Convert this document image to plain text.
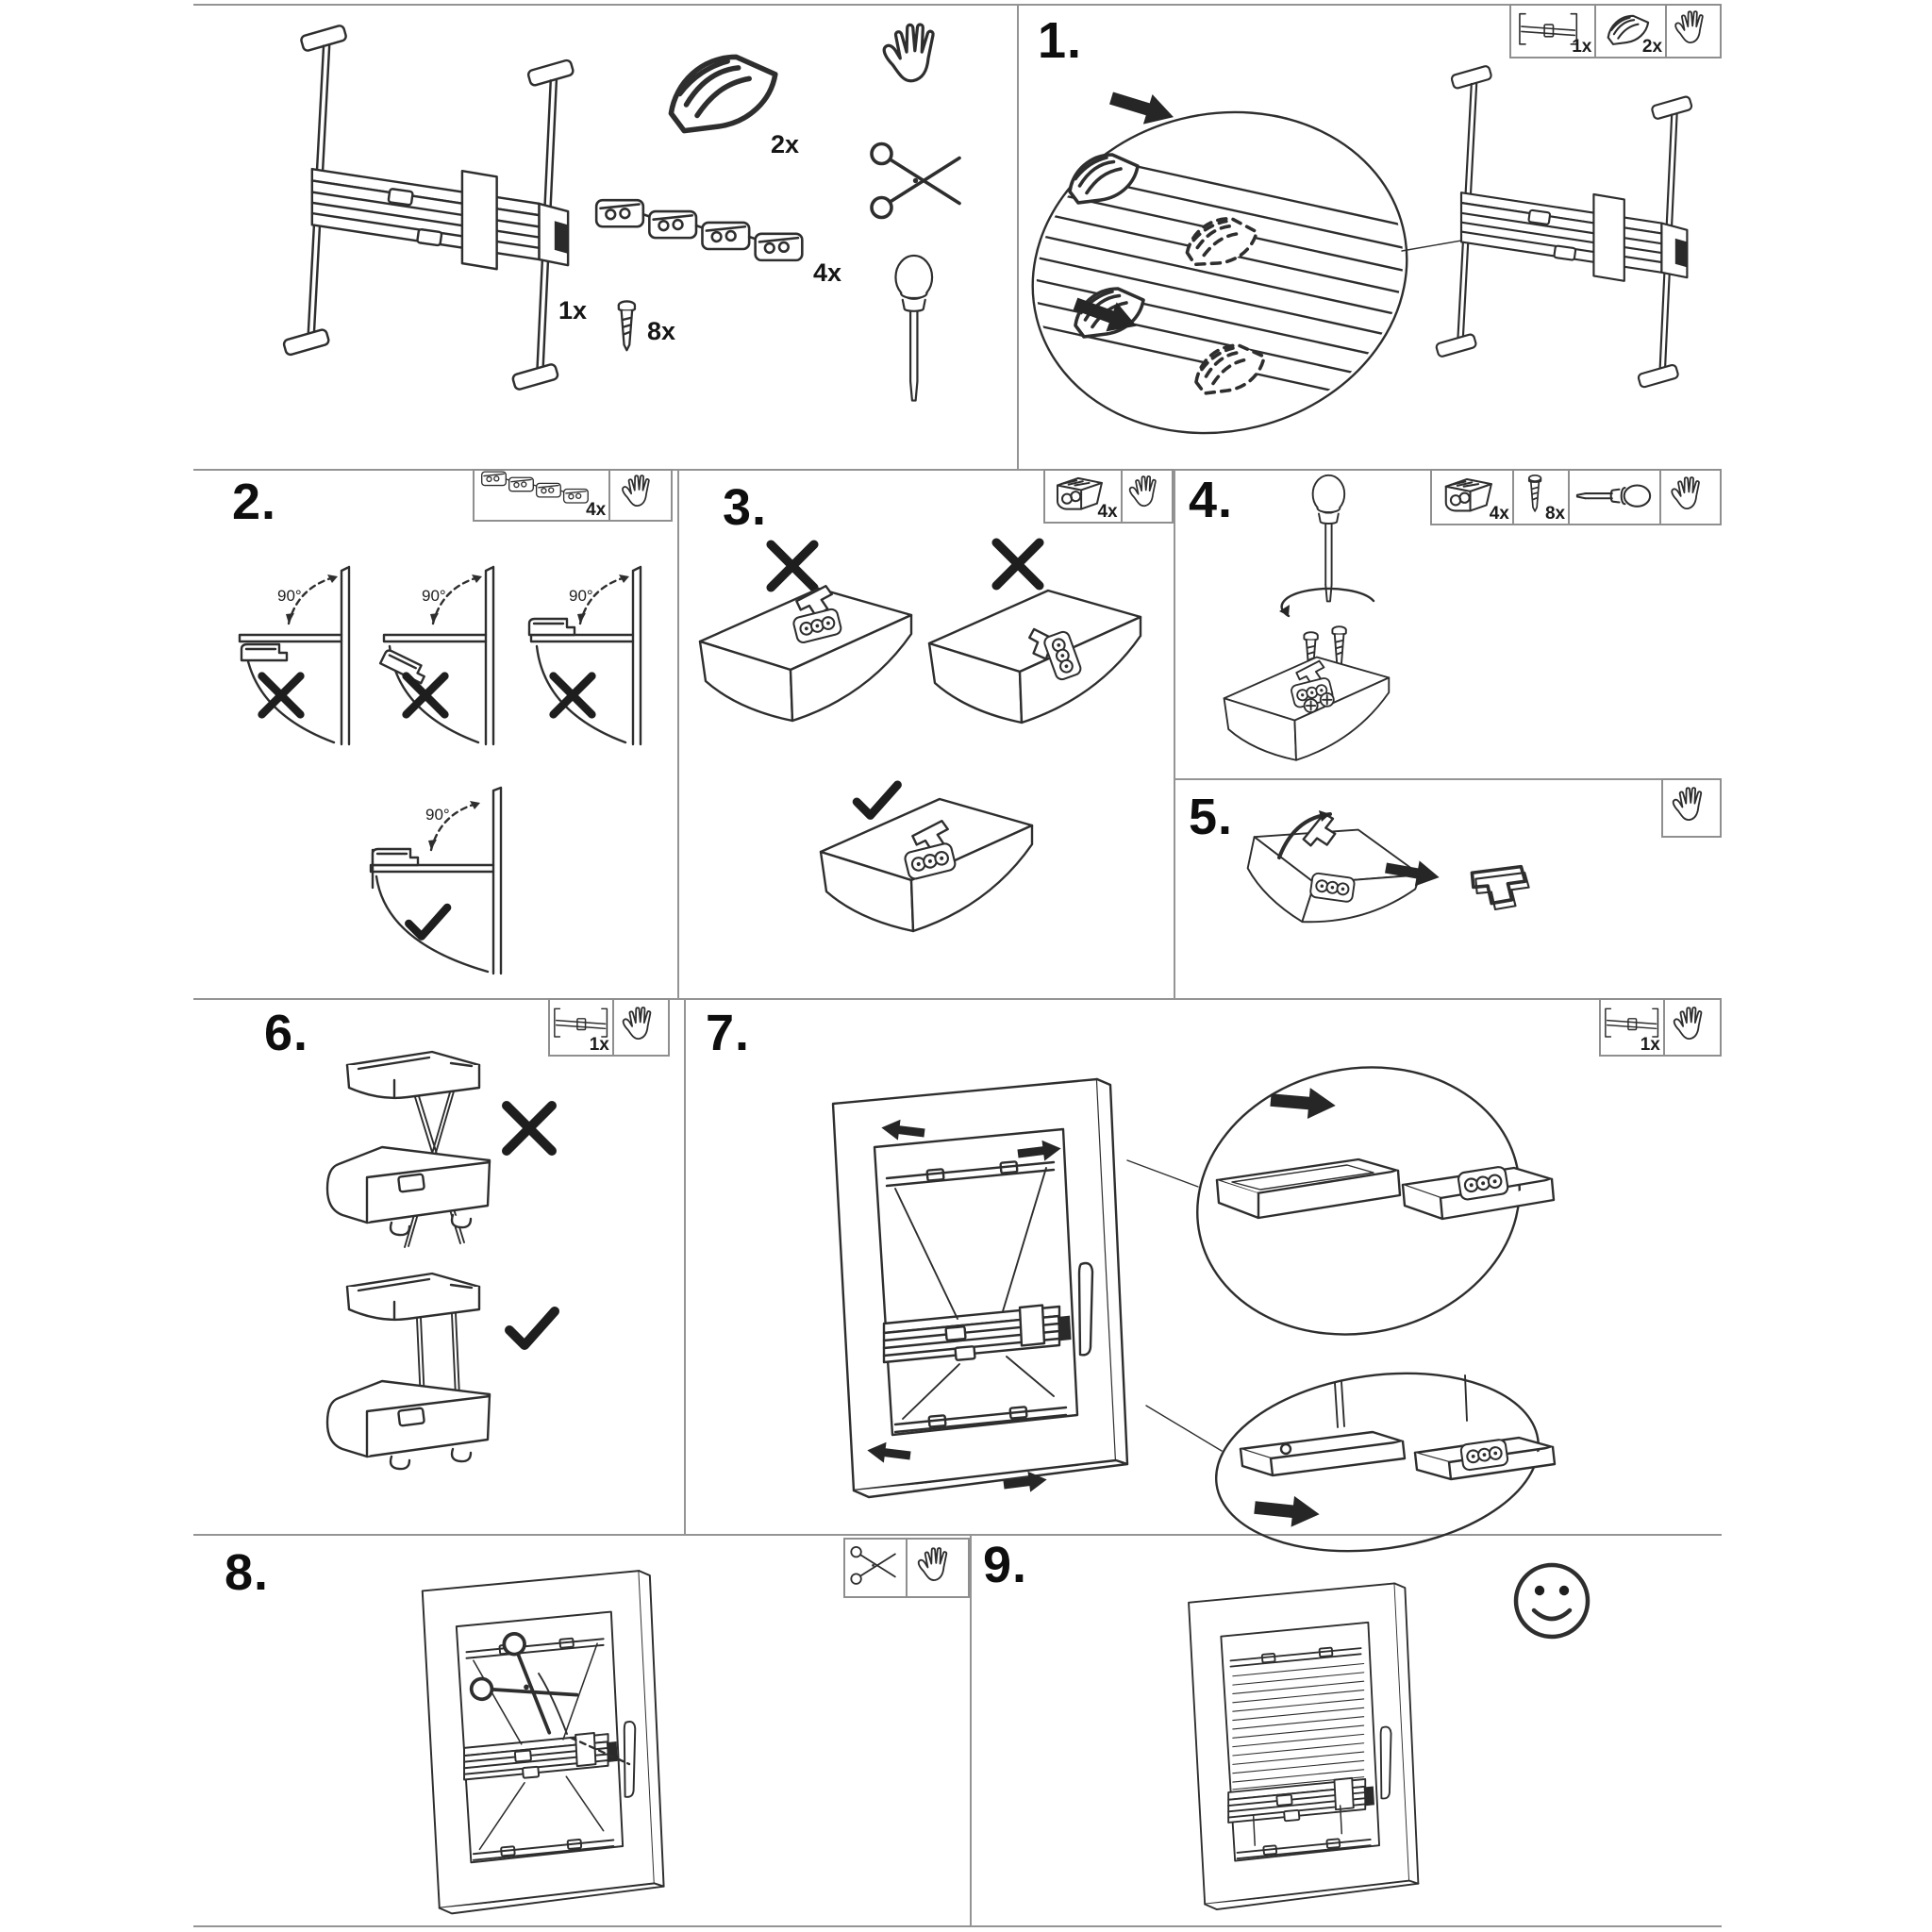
1x
2x
4x
8x
1.	1x	2x
2.
90°	90°	90°
90°
4x 3.	4x 4.	4x 8x
5.
6.	1x 7.	1x
8.	9.
